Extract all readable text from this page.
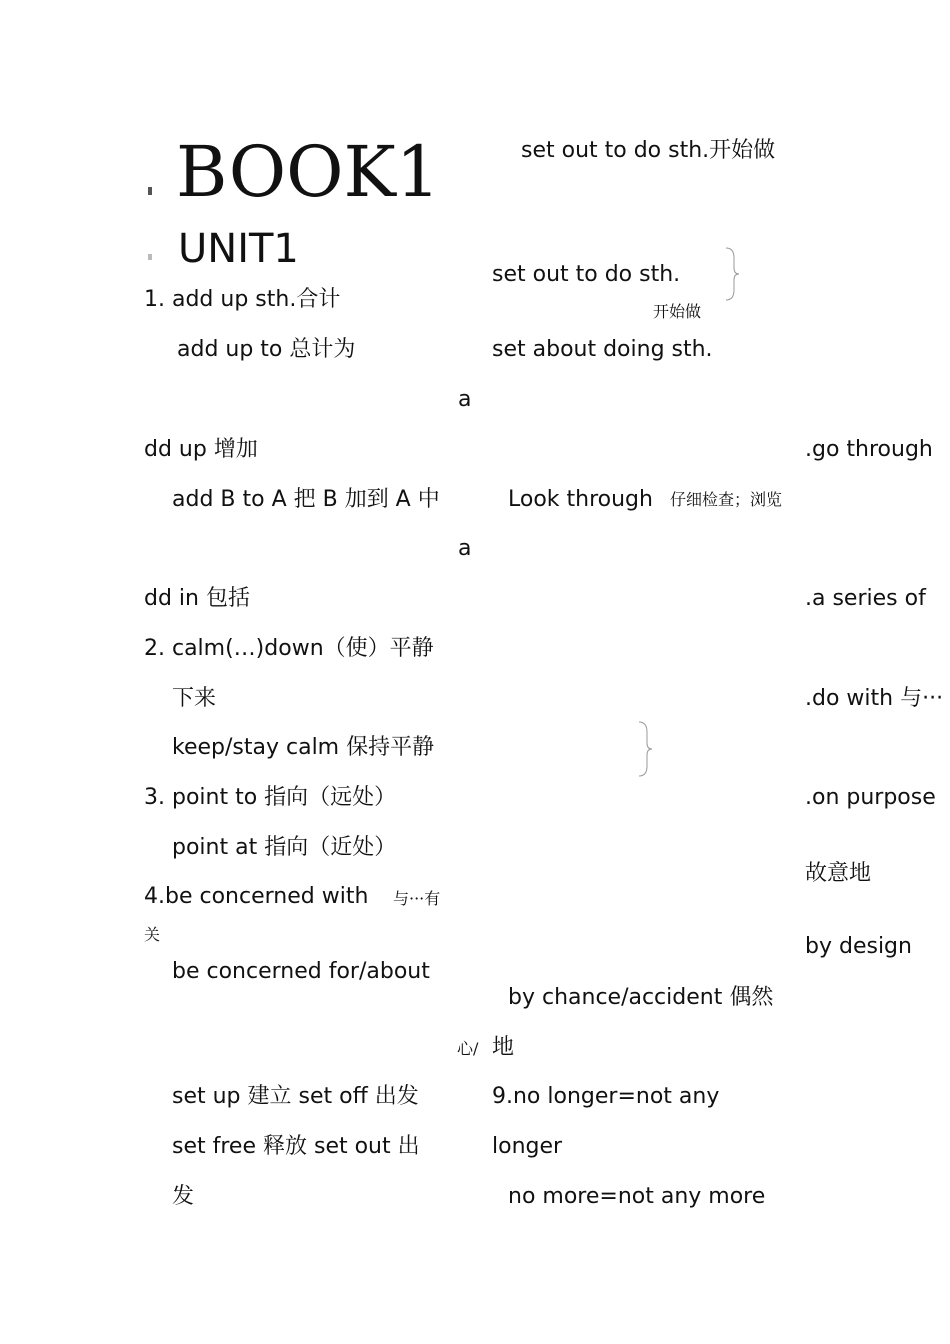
BOOK1
UNIT1
1. add up sth.合计
add up to 总计为
a
dd up 增加
add B to A 把 B 加到 A 中
a
dd in 包括
2. calm(…)down（使）平静
下来
keep/stay calm 保持平静
3. point to 指向（远处）
point at 指向（近处）
4.be concerned with 与···有
关
be concerned for/about
心/
set up 建立 set off 出发
set free 释放 set out 出
发
set out to do sth.开始做
set out to do sth.
开始做
set about doing sth.
Look through 仔细检查；浏览
by chance/accident 偶然
地
9.no longer=not any
longer
no more=not any more
.go through
.a series of
.do with 与···
.on purpose
故意地
by design
